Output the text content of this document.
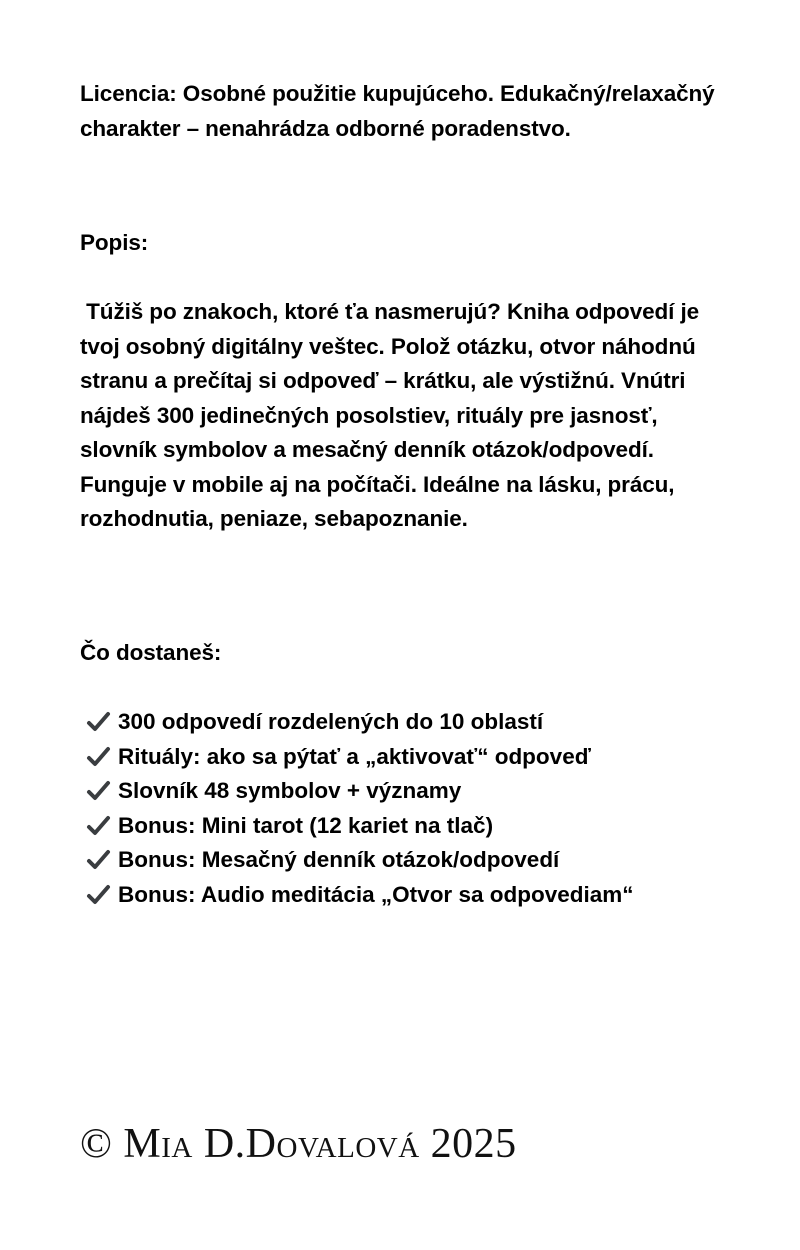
Licencia: Osobné použitie kupujúceho. Edukačný/relaxačný charakter – nenahrádza odborné poradenstvo.

Popis:

Túžiš po znakoch, ktoré ťa nasmerujú? Kniha odpovedí je tvoj osobný digitálny veštec. Polož otázku, otvor náhodnú stranu a prečítaj si odpoveď – krátku, ale výstižnú. Vnútri nájdeš 300 jedinečných posolstiev, rituály pre jasnosť, slovník symbolov a mesačný denník otázok/odpovedí. Funguje v mobile aj na počítači. Ideálne na lásku, prácu, rozhodnutia, peniaze, sebapoznanie.

Čo dostaneš:

300 odpovedí rozdelených do 10 oblastí
Rituály: ako sa pýtať a „aktivovať“ odpoveď
Slovník 48 symbolov + významy
Bonus: Mini tarot (12 kariet na tlač)
Bonus: Mesačný denník otázok/odpovedí
Bonus: Audio meditácia „Otvor sa odpovediam“
© Mia D.Dovalová 2025
